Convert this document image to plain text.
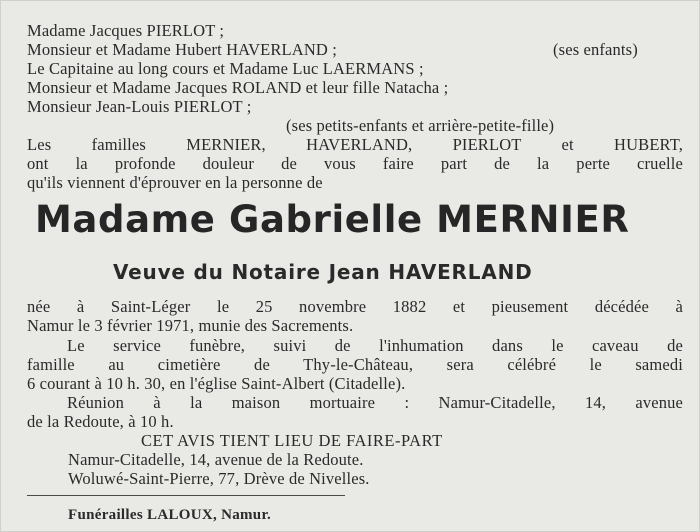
Madame Jacques PIERLOT ;
Monsieur et Madame Hubert HAVERLAND ;	(ses enfants)
Le Capitaine au long cours et Madame Luc LAERMANS ;
Monsieur et Madame Jacques ROLAND et leur fille Natacha ;
Monsieur Jean-Louis PIERLOT ;
(ses petits-enfants et arrière-petite-fille)
Les familles MERNIER, HAVERLAND, PIERLOT et HUBERT,
ont la profonde douleur de vous faire part de la perte cruelle
qu'ils viennent d'éprouver en la personne de
Madame Gabrielle MERNIER
Veuve du Notaire Jean HAVERLAND
née à Saint-Léger le 25 novembre 1882 et pieusement décédée à
Namur le 3 février 1971, munie des Sacrements.
Le service funèbre, suivi de l'inhumation dans le caveau de
famille au cimetière de Thy-le-Château, sera célébré le samedi
6 courant à 10 h. 30, en l'église Saint-Albert (Citadelle).
Réunion à la maison mortuaire : Namur-Citadelle, 14, avenue
de la Redoute, à 10 h.
CET AVIS TIENT LIEU DE FAIRE-PART
Namur-Citadelle, 14, avenue de la Redoute.
Woluwé-Saint-Pierre, 77, Drève de Nivelles.
Funérailles LALOUX, Namur.
